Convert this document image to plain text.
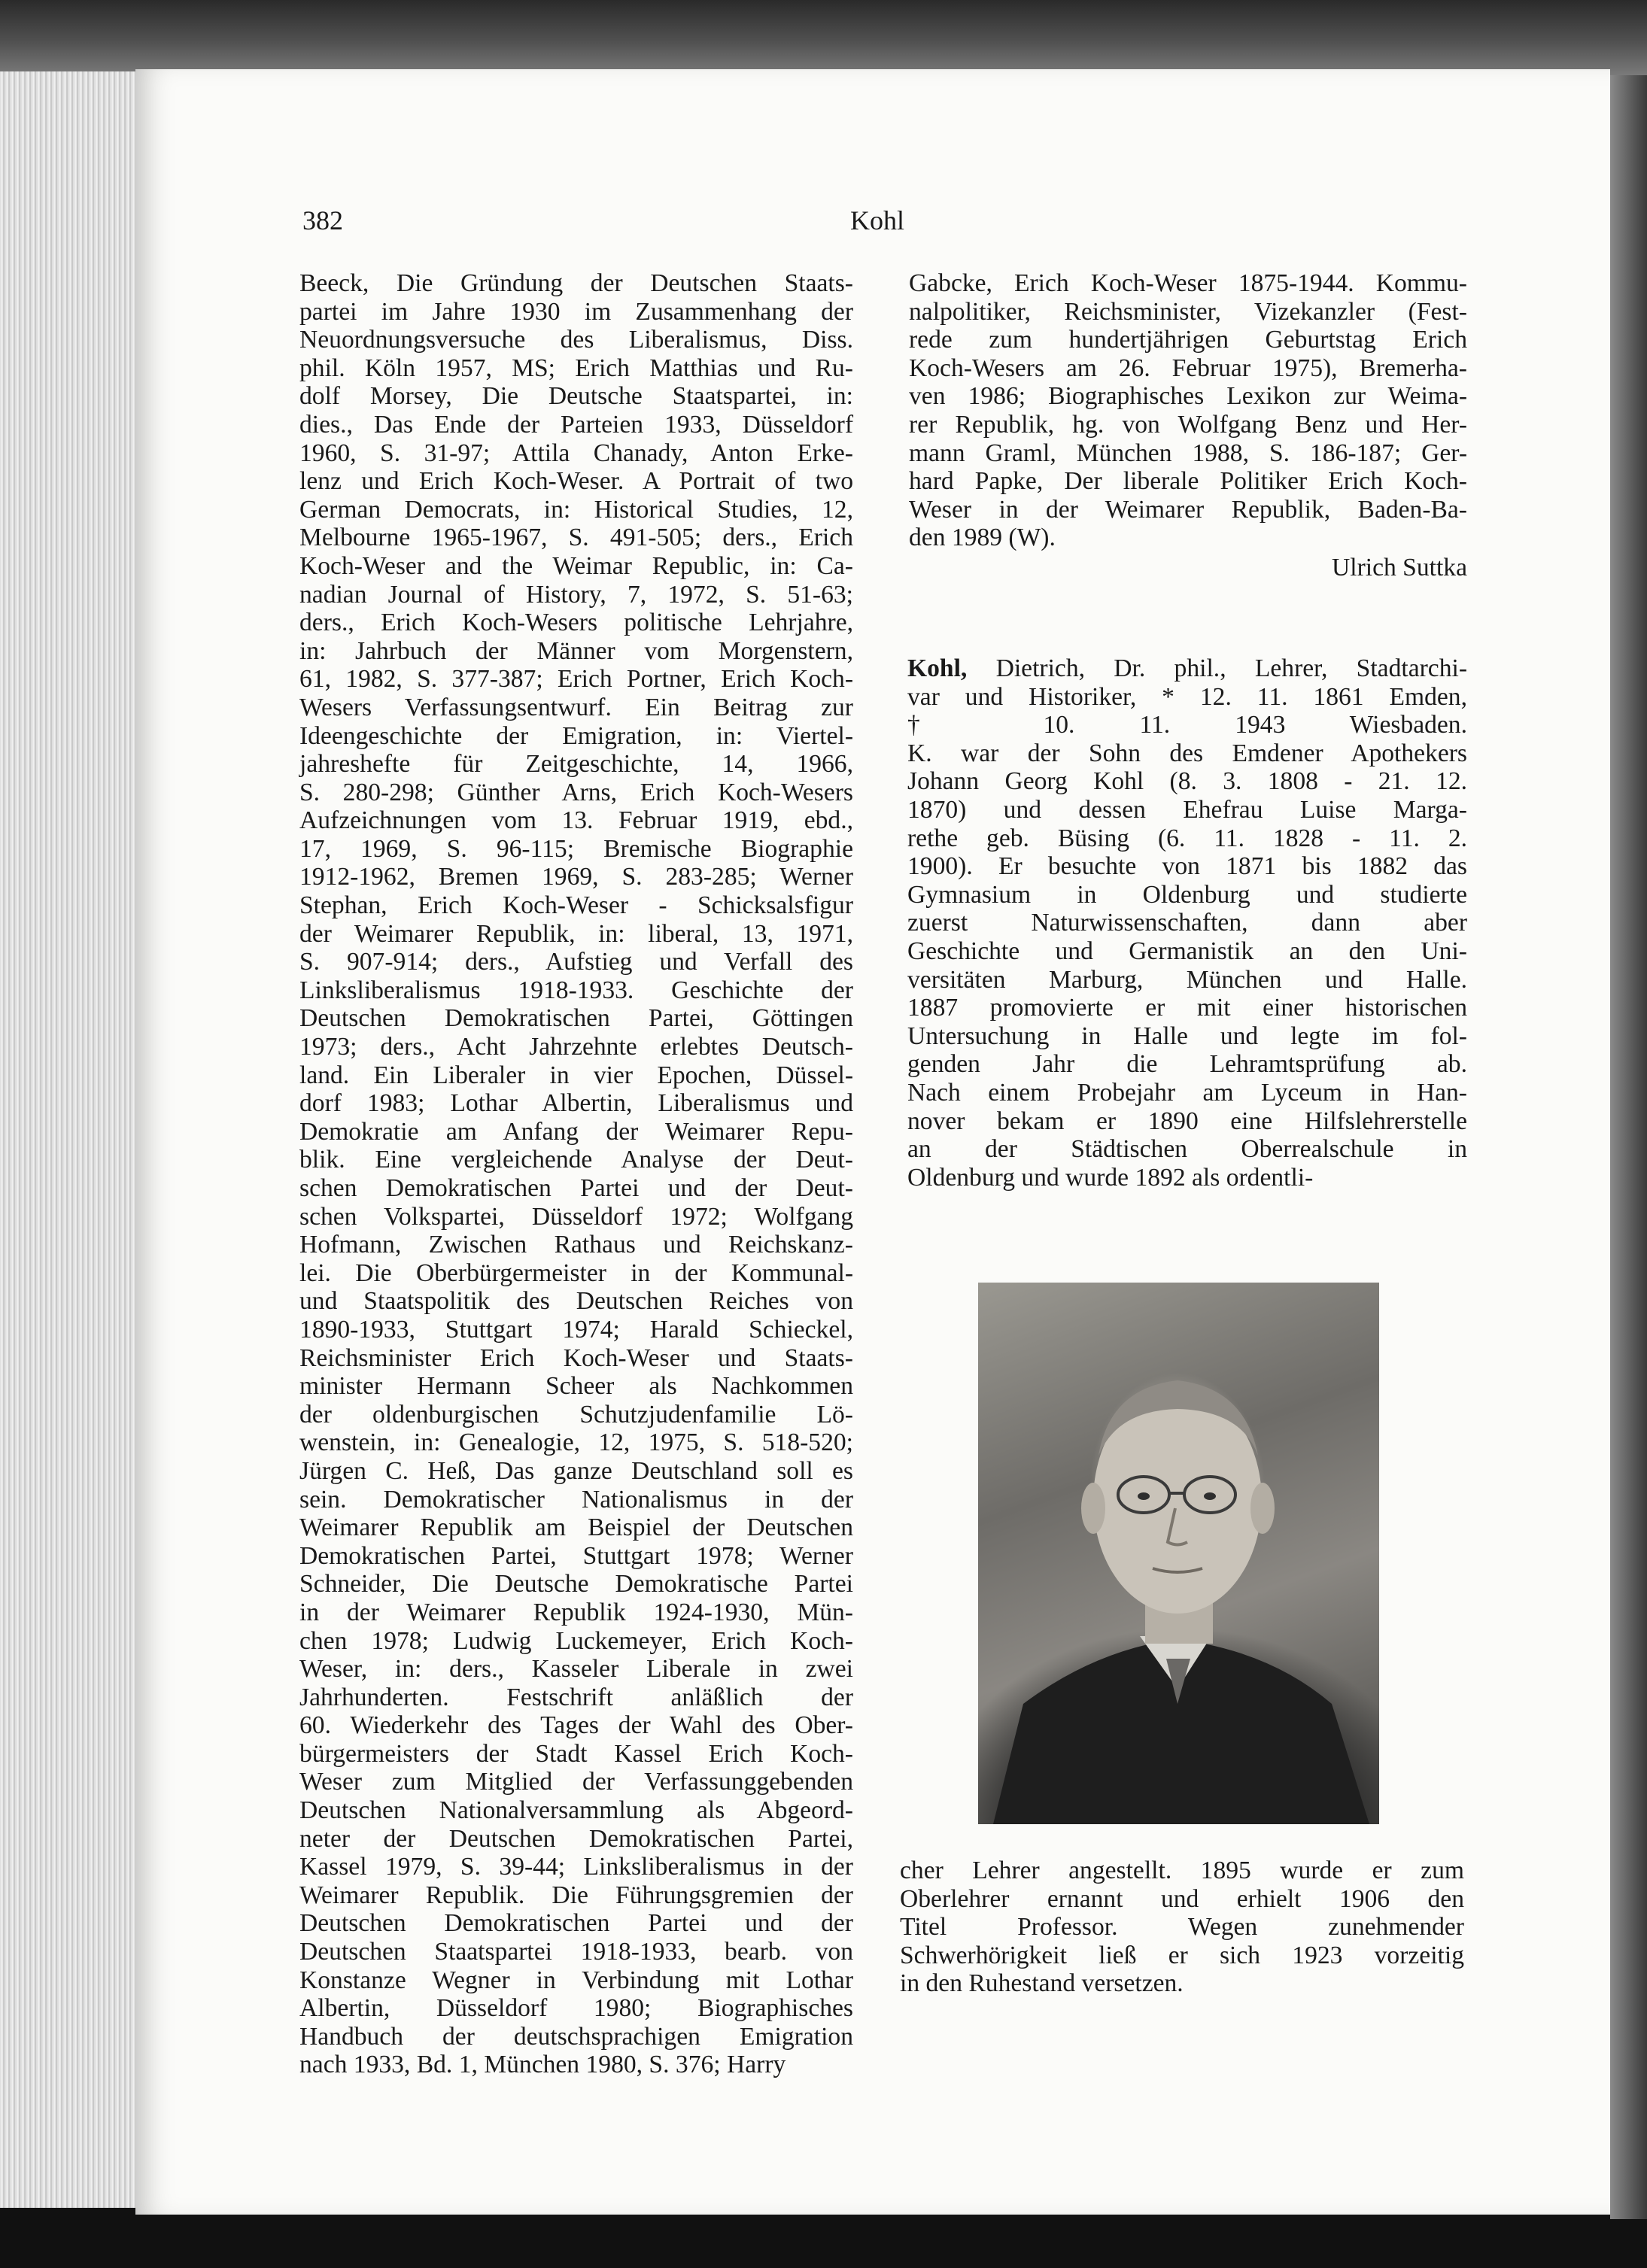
382	Kohl
Beeck, Die Gründung der Deutschen Staats-
partei im Jahre 1930 im Zusammenhang der
Neuordnungsversuche des Liberalismus, Diss.
phil. Köln 1957, MS; Erich Matthias und Ru-
dolf Morsey, Die Deutsche Staatspartei, in:
dies., Das Ende der Parteien 1933, Düsseldorf
1960, S. 31-97; Attila Chanady, Anton Erke-
lenz und Erich Koch-Weser. A Portrait of two
German Democrats, in: Historical Studies, 12,
Melbourne 1965-1967, S. 491-505; ders., Erich
Koch-Weser and the Weimar Republic, in: Ca-
nadian Journal of History, 7, 1972, S. 51-63;
ders., Erich Koch-Wesers politische Lehrjahre,
in: Jahrbuch der Männer vom Morgenstern,
61, 1982, S. 377-387; Erich Portner, Erich Koch-
Wesers Verfassungsentwurf. Ein Beitrag zur
Ideengeschichte der Emigration, in: Viertel-
jahreshefte für Zeitgeschichte, 14, 1966,
S. 280-298; Günther Arns, Erich Koch-Wesers
Aufzeichnungen vom 13. Februar 1919, ebd.,
17, 1969, S. 96-115; Bremische Biographie
1912-1962, Bremen 1969, S. 283-285; Werner
Stephan, Erich Koch-Weser - Schicksalsfigur
der Weimarer Republik, in: liberal, 13, 1971,
S. 907-914; ders., Aufstieg und Verfall des
Linksliberalismus 1918-1933. Geschichte der
Deutschen Demokratischen Partei, Göttingen
1973; ders., Acht Jahrzehnte erlebtes Deutsch-
land. Ein Liberaler in vier Epochen, Düssel-
dorf 1983; Lothar Albertin, Liberalismus und
Demokratie am Anfang der Weimarer Repu-
blik. Eine vergleichende Analyse der Deut-
schen Demokratischen Partei und der Deut-
schen Volkspartei, Düsseldorf 1972; Wolfgang
Hofmann, Zwischen Rathaus und Reichskanz-
lei. Die Oberbürgermeister in der Kommunal-
und Staatspolitik des Deutschen Reiches von
1890-1933, Stuttgart 1974; Harald Schieckel,
Reichsminister Erich Koch-Weser und Staats-
minister Hermann Scheer als Nachkommen
der oldenburgischen Schutzjudenfamilie Lö-
wenstein, in: Genealogie, 12, 1975, S. 518-520;
Jürgen C. Heß, Das ganze Deutschland soll es
sein. Demokratischer Nationalismus in der
Weimarer Republik am Beispiel der Deutschen
Demokratischen Partei, Stuttgart 1978; Werner
Schneider, Die Deutsche Demokratische Partei
in der Weimarer Republik 1924-1930, Mün-
chen 1978; Ludwig Luckemeyer, Erich Koch-
Weser, in: ders., Kasseler Liberale in zwei
Jahrhunderten. Festschrift anläßlich der
60. Wiederkehr des Tages der Wahl des Ober-
bürgermeisters der Stadt Kassel Erich Koch-
Weser zum Mitglied der Verfassunggebenden
Deutschen Nationalversammlung als Abgeord-
neter der Deutschen Demokratischen Partei,
Kassel 1979, S. 39-44; Linksliberalismus in der
Weimarer Republik. Die Führungsgremien der
Deutschen Demokratischen Partei und der
Deutschen Staatspartei 1918-1933, bearb. von
Konstanze Wegner in Verbindung mit Lothar
Albertin, Düsseldorf 1980; Biographisches
Handbuch der deutschsprachigen Emigration
nach 1933, Bd. 1, München 1980, S. 376; Harry
Gabcke, Erich Koch-Weser 1875-1944. Kommu-
nalpolitiker, Reichsminister, Vizekanzler (Fest-
rede zum hundertjährigen Geburtstag Erich
Koch-Wesers am 26. Februar 1975), Bremerha-
ven 1986; Biographisches Lexikon zur Weima-
rer Republik, hg. von Wolfgang Benz und Her-
mann Graml, München 1988, S. 186-187; Ger-
hard Papke, Der liberale Politiker Erich Koch-
Weser in der Weimarer Republik, Baden-Ba-
den 1989 (W).
Ulrich Suttka
Kohl, Dietrich, Dr. phil., Lehrer, Stadtarchi-
var und Historiker, * 12. 11. 1861 Emden,
† 10. 11. 1943 Wiesbaden.
K. war der Sohn des Emdener Apothekers
Johann Georg Kohl (8. 3. 1808 - 21. 12.
1870) und dessen Ehefrau Luise Marga-
rethe geb. Büsing (6. 11. 1828 - 11. 2.
1900). Er besuchte von 1871 bis 1882 das
Gymnasium in Oldenburg und studierte
zuerst Naturwissenschaften, dann aber
Geschichte und Germanistik an den Uni-
versitäten Marburg, München und Halle.
1887 promovierte er mit einer historischen
Untersuchung in Halle und legte im fol-
genden Jahr die Lehramtsprüfung ab.
Nach einem Probejahr am Lyceum in Han-
nover bekam er 1890 eine Hilfslehrerstelle
an der Städtischen Oberrealschule in
Oldenburg und wurde 1892 als ordentli-
cher Lehrer angestellt. 1895 wurde er zum
Oberlehrer ernannt und erhielt 1906 den
Titel Professor. Wegen zunehmender
Schwerhörigkeit ließ er sich 1923 vorzeitig
in den Ruhestand versetzen.
